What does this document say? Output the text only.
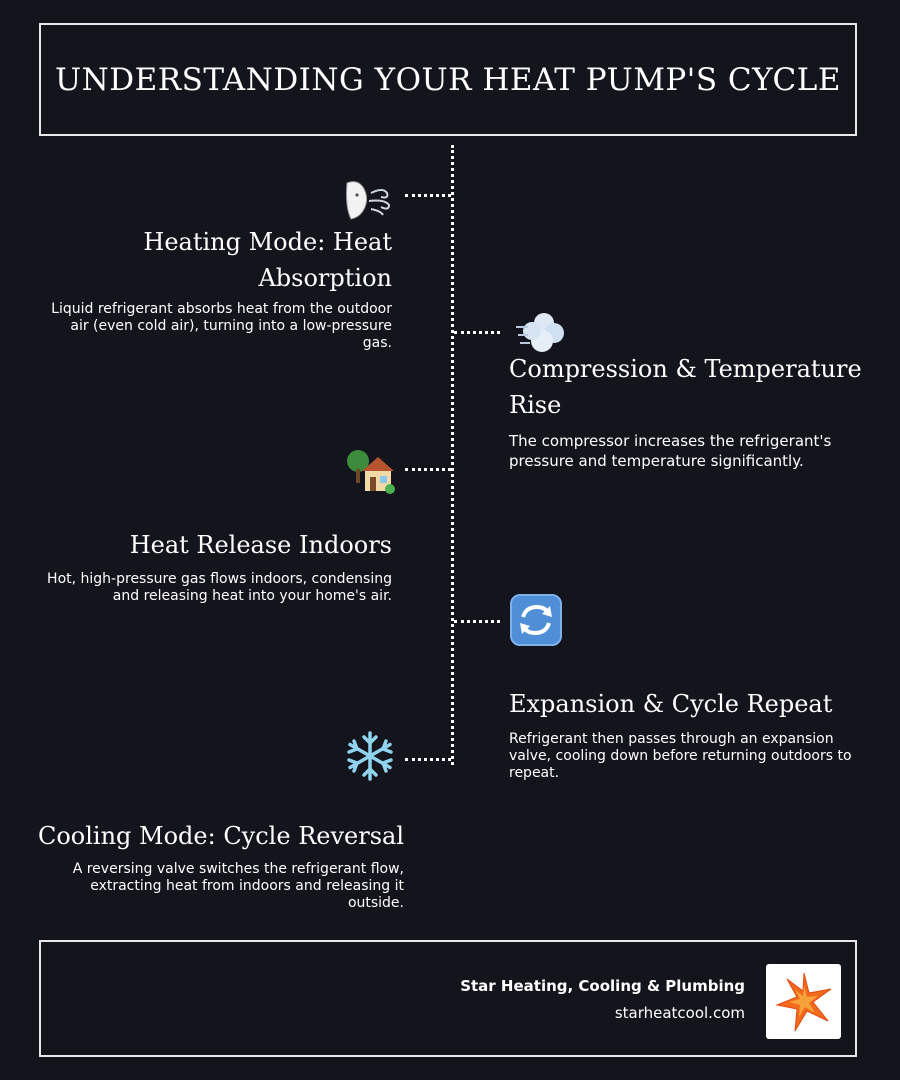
UNDERSTANDING YOUR HEAT PUMP'S CYCLE
Heating Mode: Heat Absorption

Liquid refrigerant absorbs heat from the outdoor air (even cold air), turning into a low-pressure gas.

Compression & Temperature Rise

The compressor increases the refrigerant's pressure and temperature significantly.

Heat Release Indoors

Hot, high-pressure gas flows indoors, condensing and releasing heat into your home's air.

Expansion & Cycle Repeat

Refrigerant then passes through an expansion valve, cooling down before returning outdoors to repeat.

Cooling Mode: Cycle Reversal

A reversing valve switches the refrigerant flow, extracting heat from indoors and releasing it outside.

Star Heating, Cooling & Plumbing

starheatcool.com
